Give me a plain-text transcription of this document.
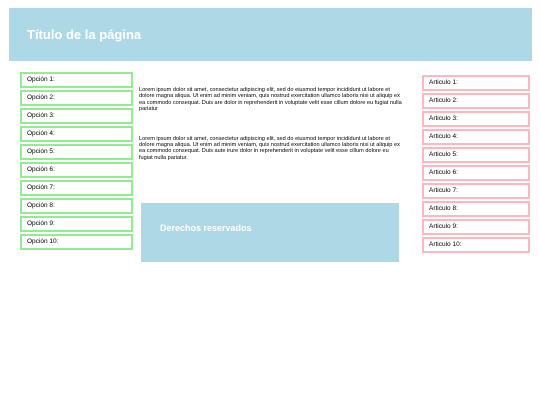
Título de la página
Opción 1:
Opción 2:
Opción 3:
Opción 4:
Opción 5:
Opción 6:
Opción 7:
Opción 8:
Opción 9:
Opción 10:

Lorem ipsum dolor sit amet, consectetur adipiscing elit, sed do eiusmod tempor incididunt ut labore et dolore magna aliqua. Ut enim ad minim veniam, quis nostrud exercitation ullamco laboris nisi ut aliquip ex ea commodo consequat. Duis are dolor in reprehenderit in voluptate velit esse cillum dolore eu fugiat nulla pariatur

Lorem ipsum dolor sit amet, consectetur adipiscing elit, sed do eiusmod tempor incididunt ut labore et dolore magna aliqua. Ut enim ad minim veniam, quis nostrud exercitation ullamco laboris nisi ut aliquip ex ea commodo consequat. Duis aute irure dolor in reprehenderit in voluptate velit esse cillum dolore eu fugiat nulla pariatur.

Derechos reservados
Articulo 1:
Articulo 2:
Articulo 3:
Articulo 4:
Articulo 5:
Articulo 6:
Articulo 7:
Articulo 8:
Articulo 9:
Articulo 10:
